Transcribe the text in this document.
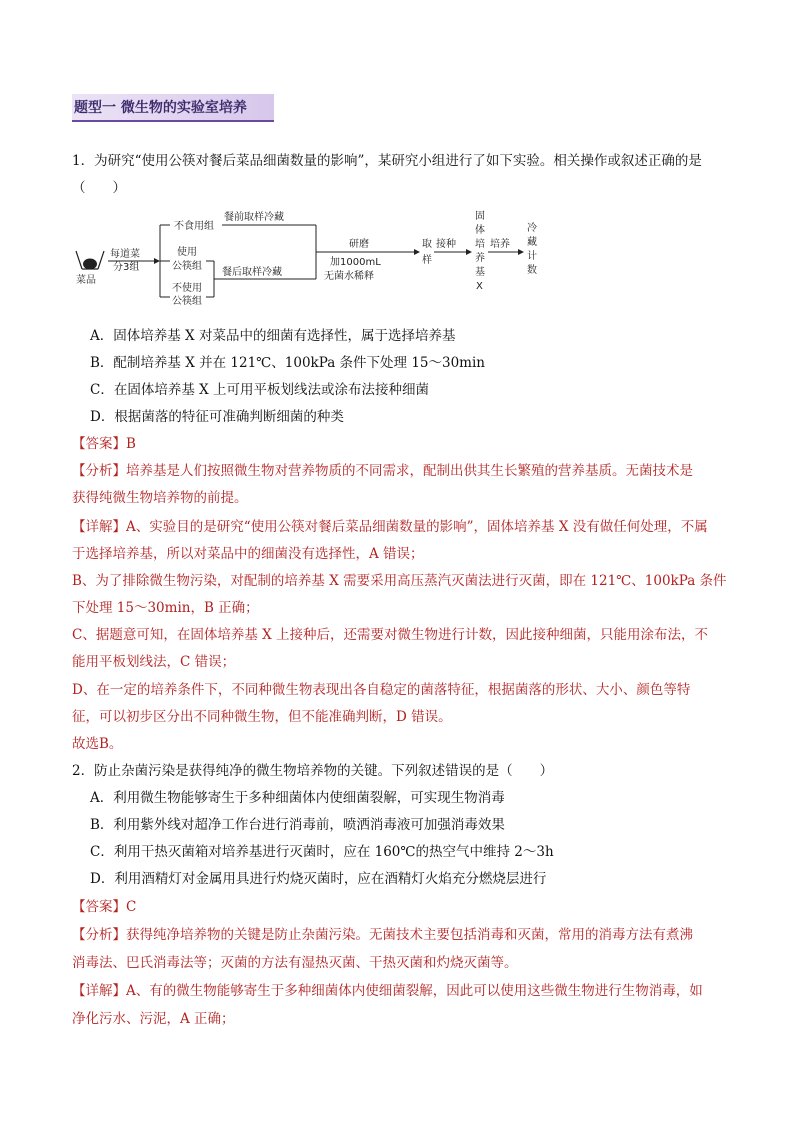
题型一 微生物的实验室培养
1．为研究“使用公筷对餐后菜品细菌数量的影响”，某研究小组进行了如下实验。相关操作或叙述正确的是
（　　）
菜品
每道菜
分3组
不食用组
使用
公筷组
不使用
公筷组
餐前取样冷藏
餐后取样冷藏
研磨
加1000mL
无菌水稀释
取
样
接种
固
体
培
养
基
X
培养
冷
藏
计
数
A．固体培养基 X 对菜品中的细菌有选择性，属于选择培养基
B．配制培养基 X 并在 121℃、100kPa 条件下处理 15～30min
C．在固体培养基 X 上可用平板划线法或涂布法接种细菌
D．根据菌落的特征可准确判断细菌的种类
【答案】B
【分析】培养基是人们按照微生物对营养物质的不同需求，配制出供其生长繁殖的营养基质。无菌技术是
获得纯微生物培养物的前提。
【详解】A、实验目的是研究“使用公筷对餐后菜品细菌数量的影响”，固体培养基 X 没有做任何处理，不属
于选择培养基，所以对菜品中的细菌没有选择性，A 错误；
B、为了排除微生物污染，对配制的培养基 X 需要采用高压蒸汽灭菌法进行灭菌，即在 121℃、100kPa 条件
下处理 15～30min，B 正确；
C、据题意可知，在固体培养基 X 上接种后，还需要对微生物进行计数，因此接种细菌，只能用涂布法，不
能用平板划线法，C 错误；
D、在一定的培养条件下，不同种微生物表现出各自稳定的菌落特征，根据菌落的形状、大小、颜色等特
征，可以初步区分出不同种微生物，但不能准确判断，D 错误。
故选B。
2．防止杂菌污染是获得纯净的微生物培养物的关键。下列叙述错误的是（　　）
A．利用微生物能够寄生于多种细菌体内使细菌裂解，可实现生物消毒
B．利用紫外线对超净工作台进行消毒前，喷洒消毒液可加强消毒效果
C．利用干热灭菌箱对培养基进行灭菌时，应在 160℃的热空气中维持 2～3h
D．利用酒精灯对金属用具进行灼烧灭菌时，应在酒精灯火焰充分燃烧层进行
【答案】C
【分析】获得纯净培养物的关键是防止杂菌污染。无菌技术主要包括消毒和灭菌，常用的消毒方法有煮沸
消毒法、巴氏消毒法等；灭菌的方法有湿热灭菌、干热灭菌和灼烧灭菌等。
【详解】A、有的微生物能够寄生于多种细菌体内使细菌裂解，因此可以使用这些微生物进行生物消毒，如
净化污水、污泥，A 正确；
